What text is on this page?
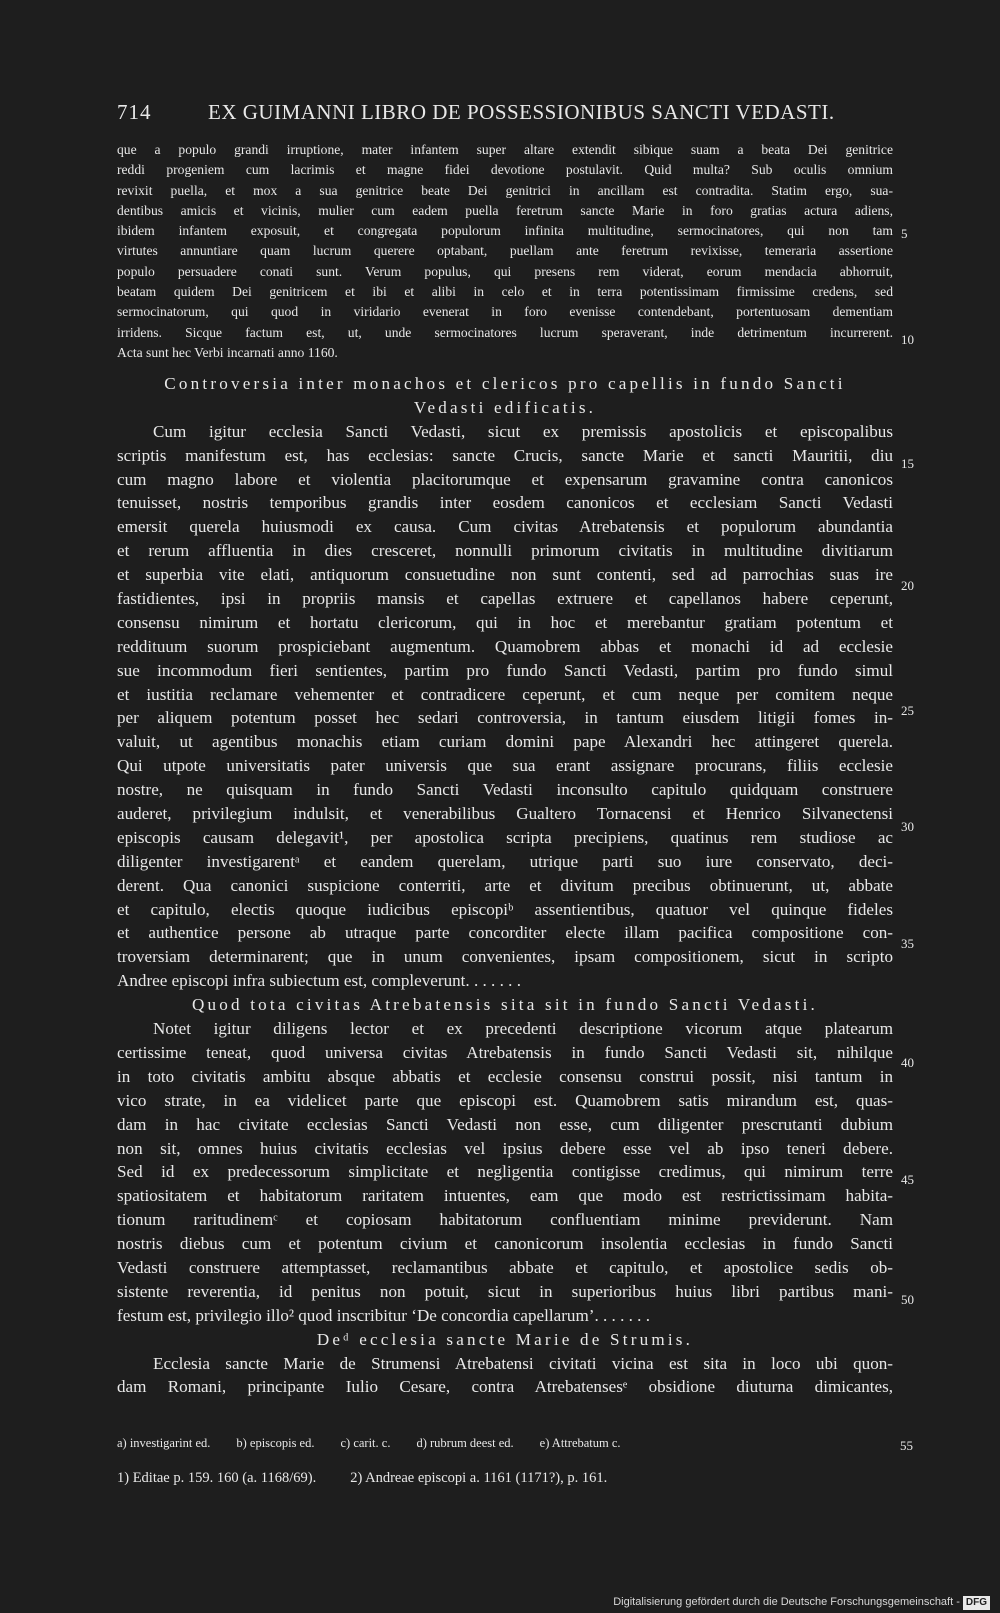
714	EX GUIMANNI LIBRO DE POSSESSIONIBUS SANCTI VEDASTI.
que a populo grandi irruptione, mater infantem super altare extendit sibique suam a beata Dei genitrice
reddi progeniem cum lacrimis et magne fidei devotione postulavit. Quid multa? Sub oculis omnium
revixit puella, et mox a sua genitrice beate Dei genitrici in ancillam est contradita. Statim ergo, sua-
dentibus amicis et vicinis, mulier cum eadem puella feretrum sancte Marie in foro gratias actura adiens,
ibidem infantem exposuit, et congregata populorum infinita multitudine, sermocinatores, qui non tam
virtutes annuntiare quam lucrum querere optabant, puellam ante feretrum revixisse, temeraria assertione
populo persuadere conati sunt. Verum populus, qui presens rem viderat, eorum mendacia abhorruit,
beatam quidem Dei genitricem et ibi et alibi in celo et in terra potentissimam firmissime credens, sed
sermocinatorum, qui quod in viridario evenerat in foro evenisse contendebant, portentuosam dementiam
irridens. Sicque factum est, ut, unde sermocinatores lucrum speraverant, inde detrimentum incurrerent.
Acta sunt hec Verbi incarnati anno 1160.
Controversia inter monachos et clericos pro capellis in fundo Sancti
Vedasti edificatis.
Cum igitur ecclesia Sancti Vedasti, sicut ex premissis apostolicis et episcopalibus
scriptis manifestum est, has ecclesias: sancte Crucis, sancte Marie et sancti Mauritii, diu
cum magno labore et violentia placitorumque et expensarum gravamine contra canonicos
tenuisset, nostris temporibus grandis inter eosdem canonicos et ecclesiam Sancti Vedasti
emersit querela huiusmodi ex causa. Cum civitas Atrebatensis et populorum abundantia
et rerum affluentia in dies cresceret, nonnulli primorum civitatis in multitudine divitiarum
et superbia vite elati, antiquorum consuetudine non sunt contenti, sed ad parrochias suas ire
fastidientes, ipsi in propriis mansis et capellas extruere et capellanos habere ceperunt,
consensu nimirum et hortatu clericorum, qui in hoc et merebantur gratiam potentum et
reddituum suorum prospiciebant augmentum. Quamobrem abbas et monachi id ad ecclesie
sue incommodum fieri sentientes, partim pro fundo Sancti Vedasti, partim pro fundo simul
et iustitia reclamare vehementer et contradicere ceperunt, et cum neque per comitem neque
per aliquem potentum posset hec sedari controversia, in tantum eiusdem litigii fomes in-
valuit, ut agentibus monachis etiam curiam domini pape Alexandri hec attingeret querela.
Qui utpote universitatis pater universis que sua erant assignare procurans, filiis ecclesie
nostre, ne quisquam in fundo Sancti Vedasti inconsulto capitulo quidquam construere
auderet, privilegium indulsit, et venerabilibus Gualtero Tornacensi et Henrico Silvanectensi
episcopis causam delegavit¹, per apostolica scripta precipiens, quatinus rem studiose ac
diligenter investigarentᵃ et eandem querelam, utrique parti suo iure conservato, deci-
derent. Qua canonici suspicione conterriti, arte et divitum precibus obtinuerunt, ut, abbate
et capitulo, electis quoque iudicibus episcopiᵇ assentientibus, quatuor vel quinque fideles
et authentice persone ab utraque parte concorditer electe illam pacifica compositione con-
troversiam determinarent; que in unum convenientes, ipsam compositionem, sicut in scripto
Andree episcopi infra subiectum est, compleverunt. . . . . . .
Quod tota civitas Atrebatensis sita sit in fundo Sancti Vedasti.
Notet igitur diligens lector et ex precedenti descriptione vicorum atque platearum
certissime teneat, quod universa civitas Atrebatensis in fundo Sancti Vedasti sit, nihilque
in toto civitatis ambitu absque abbatis et ecclesie consensu construi possit, nisi tantum in
vico strate, in ea videlicet parte que episcopi est. Quamobrem satis mirandum est, quas-
dam in hac civitate ecclesias Sancti Vedasti non esse, cum diligenter prescrutanti dubium
non sit, omnes huius civitatis ecclesias vel ipsius debere esse vel ab ipso teneri debere.
Sed id ex predecessorum simplicitate et negligentia contigisse credimus, qui nimirum terre
spatiositatem et habitatorum raritatem intuentes, eam que modo est restrictissimam habita-
tionum raritudinemᶜ et copiosam habitatorum confluentiam minime previderunt. Nam
nostris diebus cum et potentum civium et canonicorum insolentia ecclesias in fundo Sancti
Vedasti construere attemptasset, reclamantibus abbate et capitulo, et apostolice sedis ob-
sistente reverentia, id penitus non potuit, sicut in superioribus huius libri partibus mani-
festum est, privilegio illo² quod inscribitur ‘De concordia capellarum’. . . . . . .
Deᵈ ecclesia sancte Marie de Strumis.
Ecclesia sancte Marie de Strumensi Atrebatensi civitati vicina est sita in loco ubi quon-
dam Romani, principante Iulio Cesare, contra Atrebatensesᵉ obsidione diuturna dimicantes,
5
10
15
20
25
30
35
40
45
50
a) investigarint ed. b) episcopis ed. c) carit. c. d) rubrum deest ed. e) Attrebatum c.	55
1) Editae p. 159. 160 (a. 1168/69). 2) Andreae episcopi a. 1161 (1171?), p. 161.
Digitalisierung gefördert durch die Deutsche Forschungsgemeinschaft - DFG
